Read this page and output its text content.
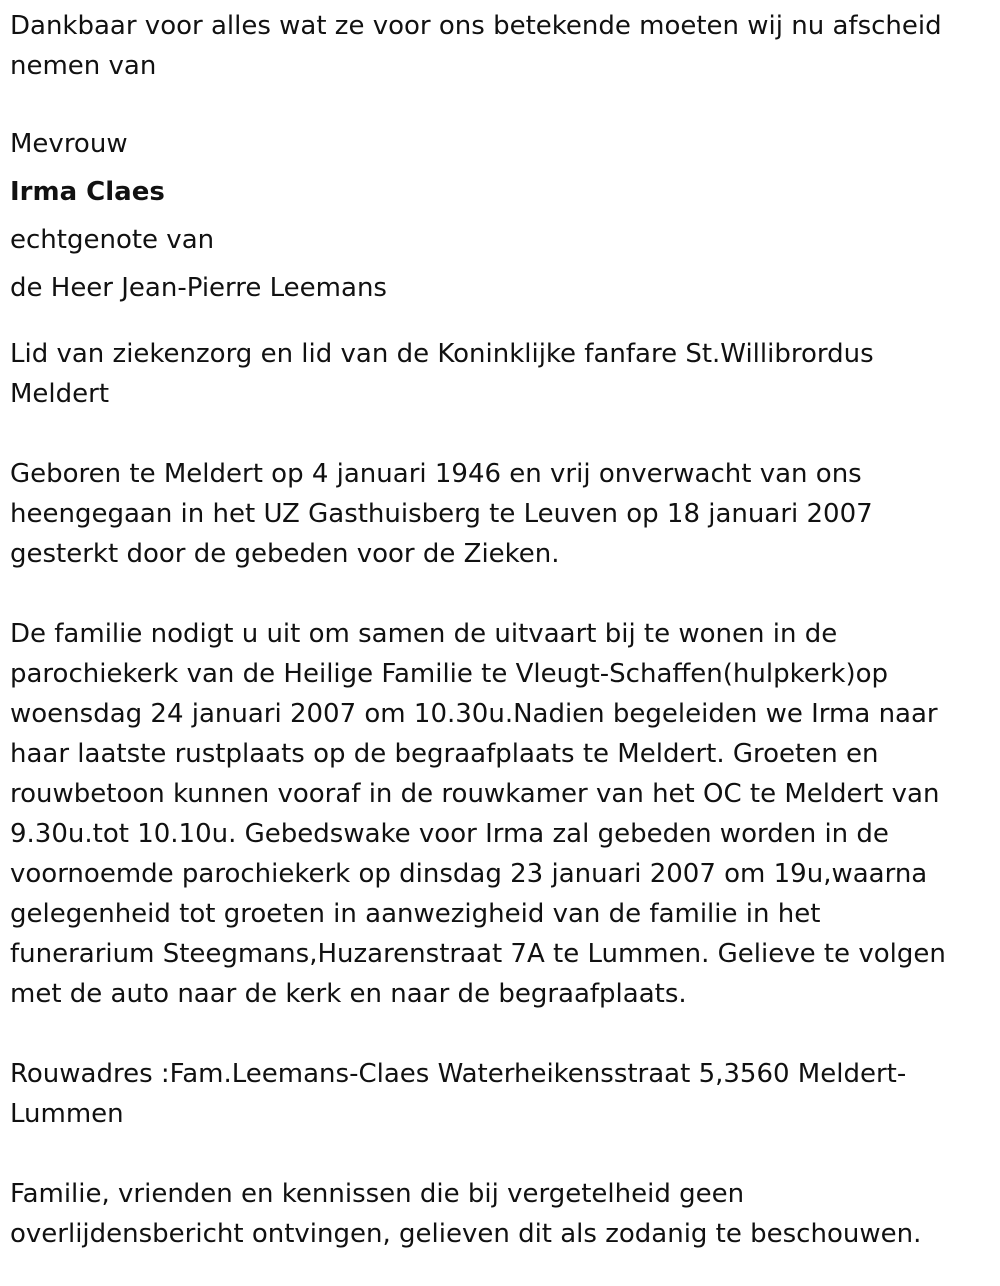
Dankbaar voor alles wat ze voor ons betekende moeten wij nu afscheid
nemen van

Mevrouw
Irma Claes
echtgenote van
de Heer Jean-Pierre Leemans

Lid van ziekenzorg en lid van de Koninklijke fanfare St.Willibrordus
Meldert

Geboren te Meldert op 4 januari 1946 en vrij onverwacht van ons
heengegaan in het UZ Gasthuisberg te Leuven op 18 januari 2007
gesterkt door de gebeden voor de Zieken.

De familie nodigt u uit om samen de uitvaart bij te wonen in de
parochiekerk van de Heilige Familie te Vleugt-Schaffen(hulpkerk)op
woensdag 24 januari 2007 om 10.30u.Nadien begeleiden we Irma naar
haar laatste rustplaats op de begraafplaats te Meldert. Groeten en
rouwbetoon kunnen vooraf in de rouwkamer van het OC te Meldert van
9.30u.tot 10.10u. Gebedswake voor Irma zal gebeden worden in de
voornoemde parochiekerk op dinsdag 23 januari 2007 om 19u,waarna
gelegenheid tot groeten in aanwezigheid van de familie in het
funerarium Steegmans,Huzarenstraat 7A te Lummen. Gelieve te volgen
met de auto naar de kerk en naar de begraafplaats.

Rouwadres :Fam.Leemans-Claes Waterheikensstraat 5,3560 Meldert-
Lummen

Familie, vrienden en kennissen die bij vergetelheid geen
overlijdensbericht ontvingen, gelieven dit als zodanig te beschouwen.
